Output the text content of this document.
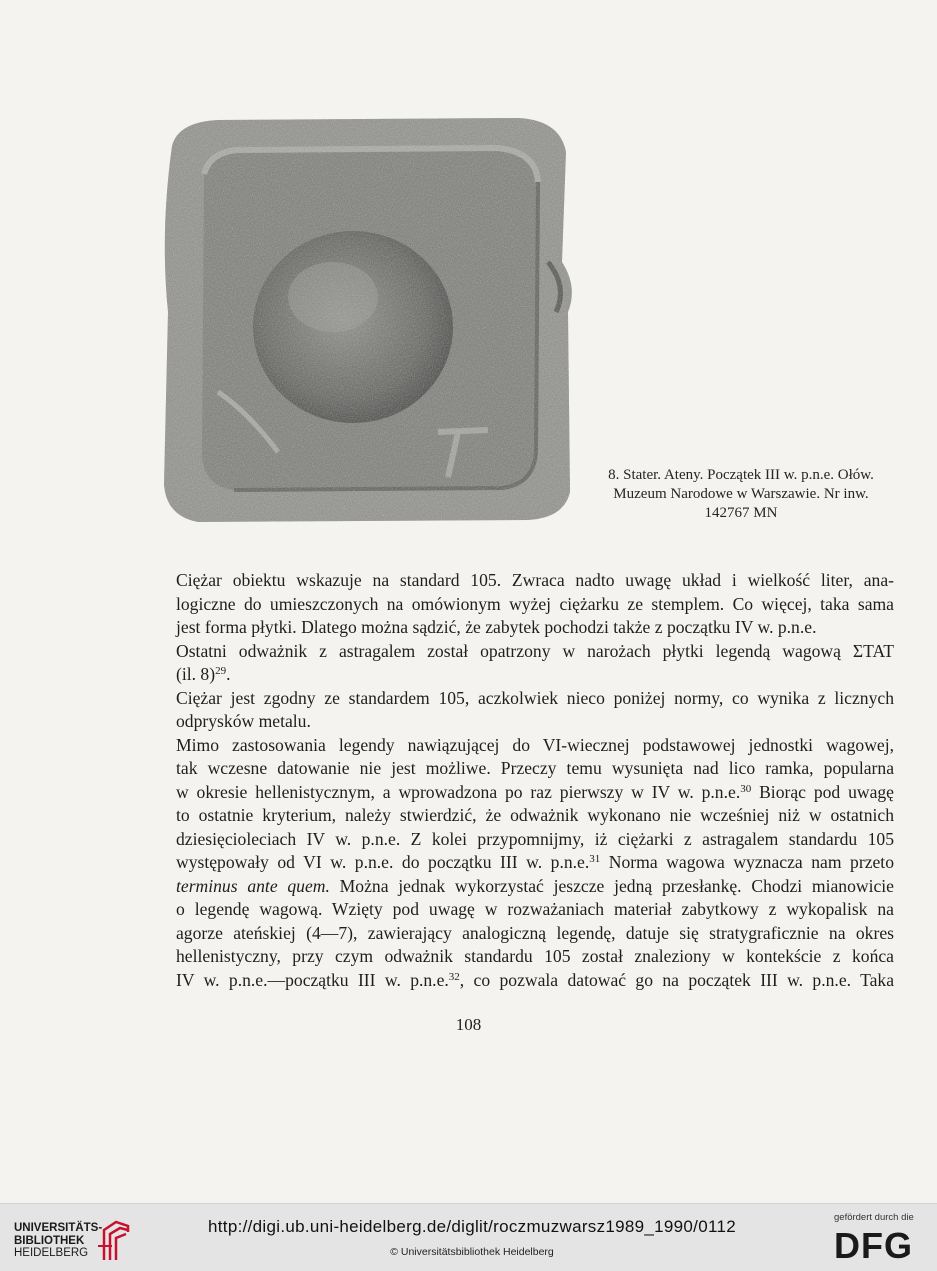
8. Stater. Ateny. Początek III w. p.n.e. Ołów.
Muzeum Narodowe w Warszawie. Nr inw.
142767 MN

Ciężar obiektu wskazuje na standard 105. Zwraca nadto uwagę układ i wielkość liter, ana-
logiczne do umieszczonych na omówionym wyżej ciężarku ze stemplem. Co więcej, taka sama
jest forma płytki. Dlatego można sądzić, że zabytek pochodzi także z początku IV w. p.n.e.

Ostatni odważnik z astragalem został opatrzony w narożach płytki legendą wagową ΣΤΑΤ
(il. 8)$^{29}$.

Ciężar jest zgodny ze standardem 105, aczkolwiek nieco poniżej normy, co wynika z licznych
odprysków metalu.

Mimo zastosowania legendy nawiązującej do VI-wiecznej podstawowej jednostki wagowej,
tak wczesne datowanie nie jest możliwe. Przeczy temu wysunięta nad lico ramka, popularna
w okresie hellenistycznym, a wprowadzona po raz pierwszy w IV w. p.n.e.$^{30}$ Biorąc pod uwagę
to ostatnie kryterium, należy stwierdzić, że odważnik wykonano nie wcześniej niż w ostatnich
dziesięcioleciach IV w. p.n.e. Z kolei przypomnijmy, iż ciężarki z astragalem standardu 105
występowały od VI w. p.n.e. do początku III w. p.n.e.$^{31}$ Norma wagowa wyznacza nam przeto
terminus ante quem. Można jednak wykorzystać jeszcze jedną przesłankę. Chodzi mianowicie
o legendę wagową. Wzięty pod uwagę w rozważaniach materiał zabytkowy z wykopalisk na
agorze ateńskiej (4—7), zawierający analogiczną legendę, datuje się stratygraficznie na okres
hellenistyczny, przy czym odważnik standardu 105 został znaleziony w kontekście z końca
IV w. p.n.e.—początku III w. p.n.e.$^{32}$, co pozwala datować go na początek III w. p.n.e. Taka

108
UNIVERSITÄTS-
BIBLIOTHEK
HEIDELBERG
http://digi.ub.uni-heidelberg.de/diglit/roczmuzwarsz1989_1990/0112
© Universitätsbibliothek Heidelberg
gefördert durch die
DFG
